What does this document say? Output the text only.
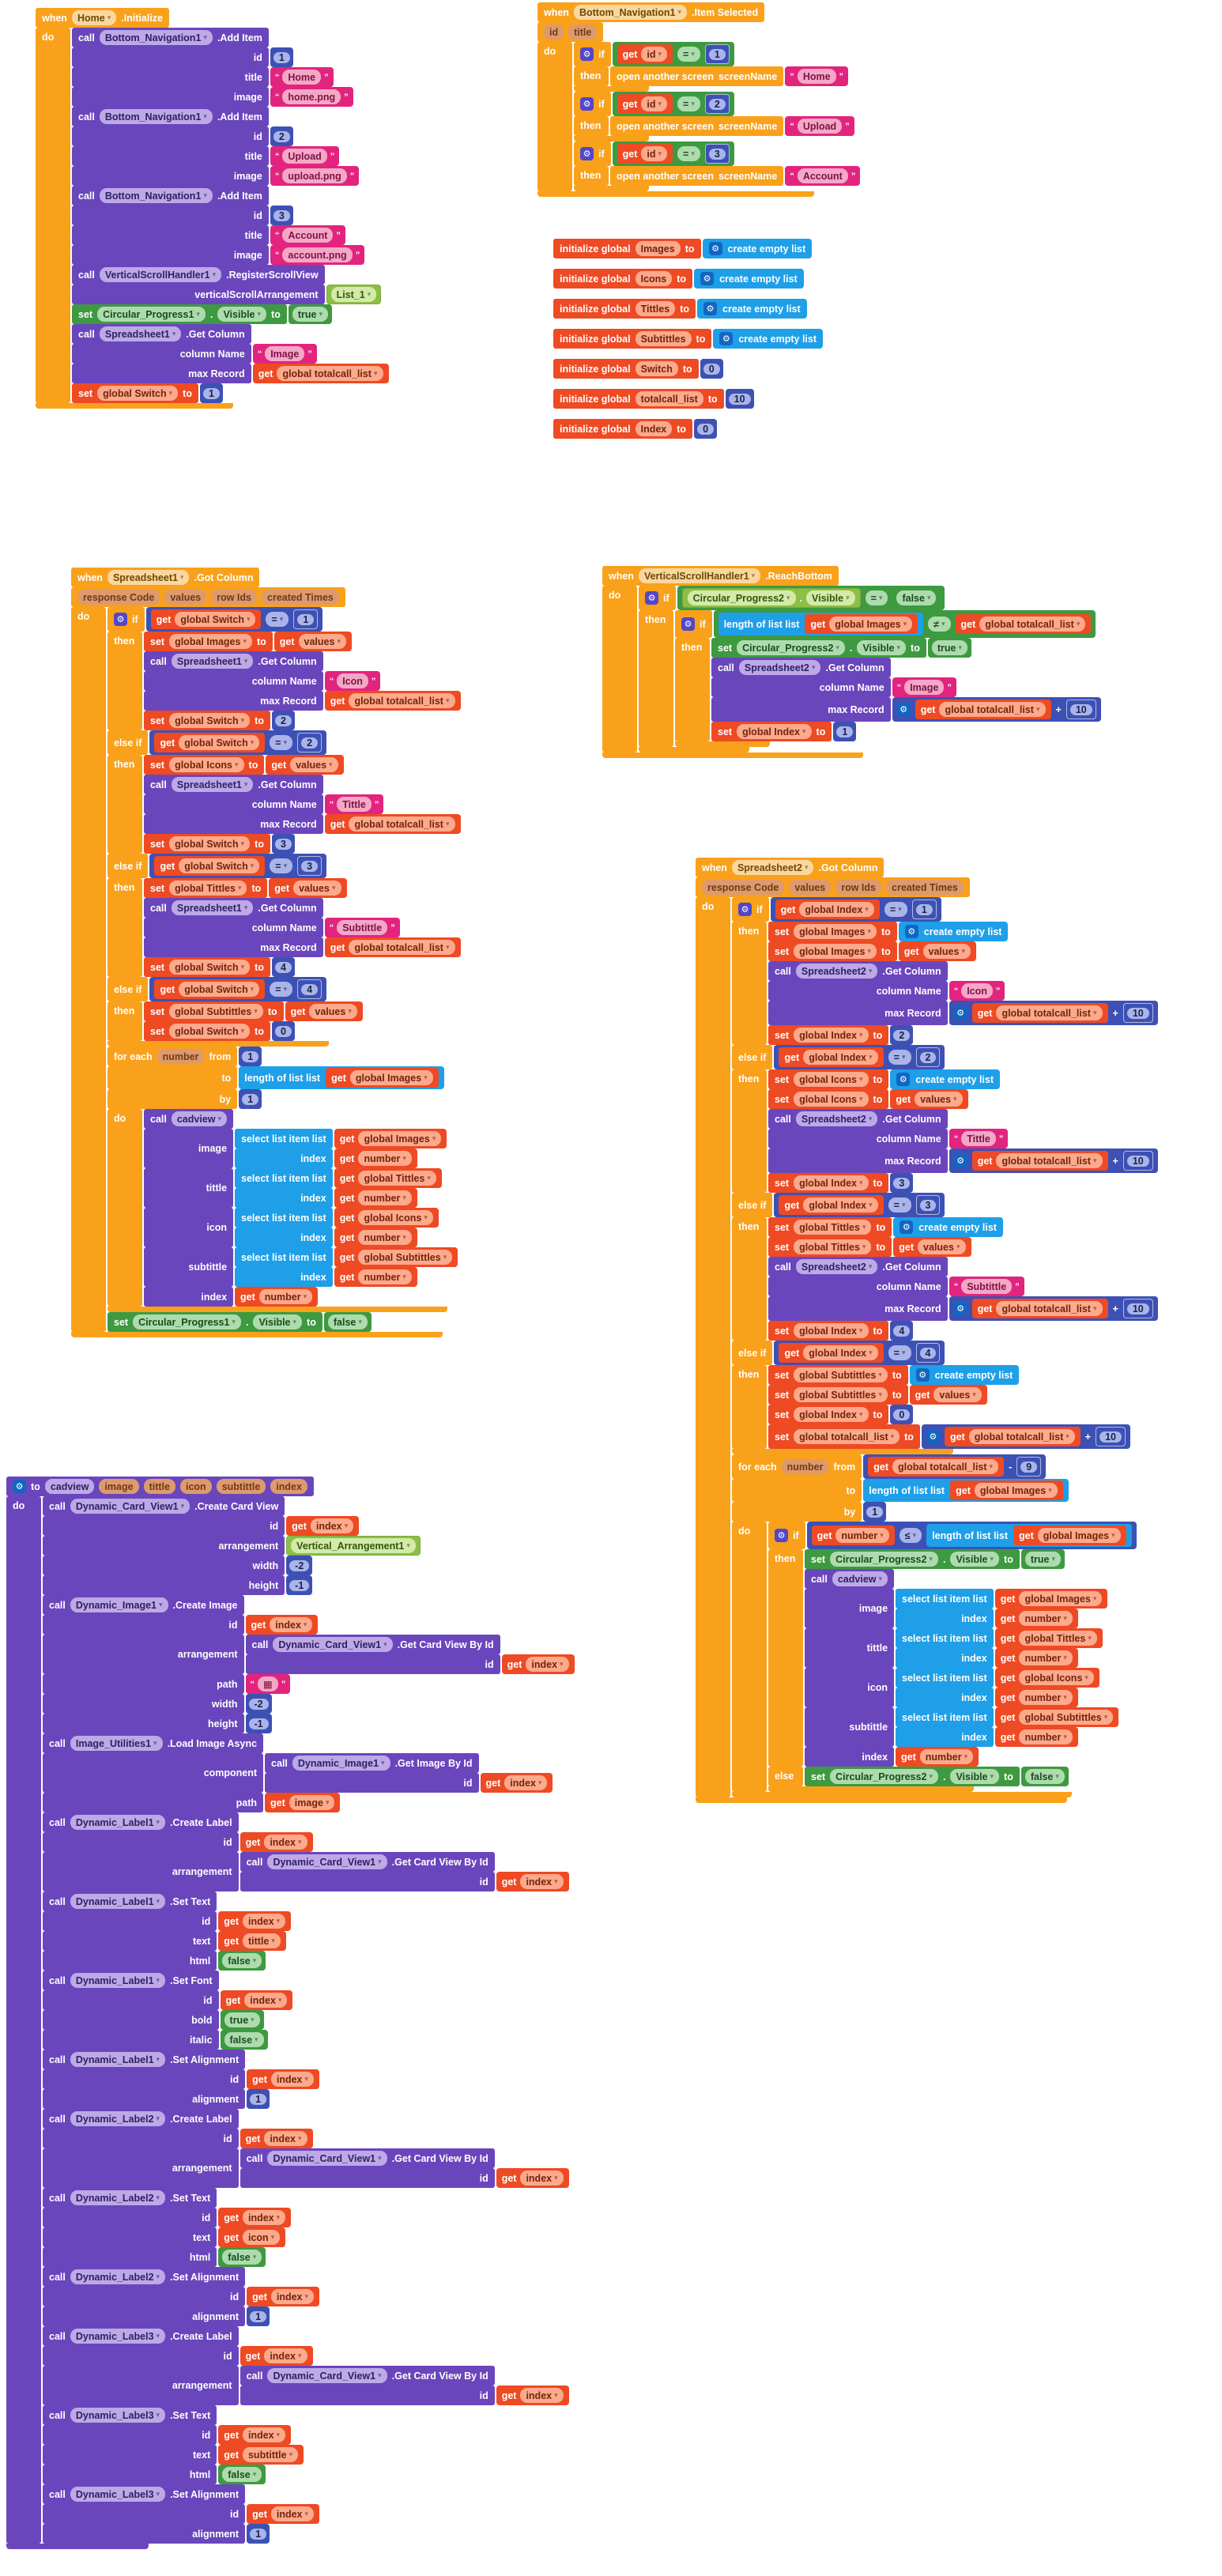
when Home ▾ .Initialize
do call Bottom_Navigation1 ▾ .Add Item
id	1
title “ Home ”
image “ home.png ”
call Bottom_Navigation1 ▾ .Add Item
id	2
title “ Upload ”
image “ upload.png ”
call Bottom_Navigation1 ▾ .Add Item
id	3
title “ Account ”
image “ account.png ”
call VerticalScrollHandler1 ▾ .RegisterScrollView
verticalScrollArrangement List_1 ▾
set Circular_Progress1 ▾ . Visible ▾ to true ▾
call Spreadsheet1 ▾ .Get Column
column Name “ Image ”
max Record get global totalcall_list ▾
set global Switch ▾ to	1
when Bottom_Navigation1 ▾ .Item Selected
id title
do	⚙ if get id ▾ = ▾	1
then open another screen screenName “ Home ”
⚙ if get id ▾ = ▾	2
then open another screen screenName “ Upload ”
⚙ if get id ▾ = ▾	3
then open another screen screenName “ Account ”
initialize global Images to	⚙ create empty list
initialize global Icons to	⚙ create empty list
initialize global Tittles to	⚙ create empty list
initialize global Subtittles to	⚙ create empty list
initialize global Switch to	0
initialize global totalcall_list to	10
initialize global Index to	0
when Spreadsheet1 ▾ .Got Column
response Code values row Ids created Times
do	⚙ if get global Switch ▾ = ▾	1
then set global Images ▾ to get values ▾
call Spreadsheet1 ▾ .Get Column
column Name “ Icon ”
max Record get global totalcall_list ▾
set global Switch ▾ to	2
else if get global Switch ▾ = ▾	2
then set global Icons ▾ to get values ▾
call Spreadsheet1 ▾ .Get Column
column Name “ Tittle ”
max Record get global totalcall_list ▾
set global Switch ▾ to	3
else if get global Switch ▾ = ▾	3
then set global Tittles ▾ to get values ▾
call Spreadsheet1 ▾ .Get Column
column Name “ Subtittle ”
max Record get global totalcall_list ▾
set global Switch ▾ to	4
else if get global Switch ▾ = ▾	4
then set global Subtittles ▾ to get values ▾
set global Switch ▾ to	0
for each number from	1
to length of list list get global Images ▾
by	1
do call cadview ▾
image
select list item list get global Images ▾
index get number ▾
tittle
select list item list get global Tittles ▾
index get number ▾
icon
select list item list get global Icons ▾
index get number ▾
subtittle
select list item list get global Subtittles ▾
index get number ▾
index get number ▾
set Circular_Progress1 ▾ . Visible ▾ to false ▾
when VerticalScrollHandler1 ▾ .ReachBottom
do	⚙ if Circular_Progress2 ▾ . Visible ▾ = ▾ false ▾
then	⚙ if length of list list get global Images ▾	≠ ▾ get global totalcall_list ▾
then set Circular_Progress2 ▾ . Visible ▾ to true ▾
call Spreadsheet2 ▾ .Get Column
column Name “ Image ”
max Record	⚙ get global totalcall_list ▾ +	10
set global Index ▾ to	1
when Spreadsheet2 ▾ .Got Column
response Code values row Ids created Times
do	⚙ if get global Index ▾ = ▾	1
then set global Images ▾ to	⚙ create empty list
set global Images ▾ to get values ▾
call Spreadsheet2 ▾ .Get Column
column Name “ Icon ”
max Record	⚙ get global totalcall_list ▾ +	10
set global Index ▾ to	2
else if get global Index ▾ = ▾	2
then set global Icons ▾ to	⚙ create empty list
set global Icons ▾ to get values ▾
call Spreadsheet2 ▾ .Get Column
column Name “ Tittle ”
max Record	⚙ get global totalcall_list ▾ +	10
set global Index ▾ to	3
else if get global Index ▾ = ▾	3
then set global Tittles ▾ to	⚙ create empty list
set global Tittles ▾ to get values ▾
call Spreadsheet2 ▾ .Get Column
column Name “ Subtittle ”
max Record	⚙ get global totalcall_list ▾ +	10
set global Index ▾ to	4
else if get global Index ▾ = ▾	4
then set global Subtittles ▾ to	⚙ create empty list
set global Subtittles ▾ to get values ▾
set global Index ▾ to	0
set global totalcall_list ▾ to	⚙ get global totalcall_list ▾ +	10
for each number from get global totalcall_list ▾ -	9
to length of list list get global Images ▾
by	1
do	⚙ if get number ▾ ≤ ▾ length of list list get global Images ▾
then set Circular_Progress2 ▾ . Visible ▾ to true ▾
call cadview ▾
image
select list item list get global Images ▾
index get number ▾
tittle
select list item list get global Tittles ▾
index get number ▾
icon
select list item list get global Icons ▾
index get number ▾
subtittle
select list item list get global Subtittles ▾
index get number ▾
index get number ▾
else set Circular_Progress2 ▾ . Visible ▾ to false ▾
⚙ to cadview image tittle icon subtittle index
do call Dynamic_Card_View1 ▾ .Create Card View
id get index ▾
arrangement Vertical_Arrangement1 ▾
width	-2
height	-1
call Dynamic_Image1 ▾ .Create Image
id get index ▾
arrangement
call Dynamic_Card_View1 ▾ .Get Card View By Id
id get index ▾
path “ ▦ ”
width	-2
height	-1
call Image_Utilities1 ▾ .Load Image Async
component
call Dynamic_Image1 ▾ .Get Image By Id
id get index ▾
path get image ▾
call Dynamic_Label1 ▾ .Create Label
id get index ▾
arrangement
call Dynamic_Card_View1 ▾ .Get Card View By Id
id get index ▾
call Dynamic_Label1 ▾ .Set Text
id get index ▾
text get tittle ▾
html false ▾
call Dynamic_Label1 ▾ .Set Font
id get index ▾
bold true ▾
italic false ▾
call Dynamic_Label1 ▾ .Set Alignment
id get index ▾
alignment	1
call Dynamic_Label2 ▾ .Create Label
id get index ▾
arrangement
call Dynamic_Card_View1 ▾ .Get Card View By Id
id get index ▾
call Dynamic_Label2 ▾ .Set Text
id get index ▾
text get icon ▾
html false ▾
call Dynamic_Label2 ▾ .Set Alignment
id get index ▾
alignment	1
call Dynamic_Label3 ▾ .Create Label
id get index ▾
arrangement
call Dynamic_Card_View1 ▾ .Get Card View By Id
id get index ▾
call Dynamic_Label3 ▾ .Set Text
id get index ▾
text get subtittle ▾
html false ▾
call Dynamic_Label3 ▾ .Set Alignment
id get index ▾
alignment	1
